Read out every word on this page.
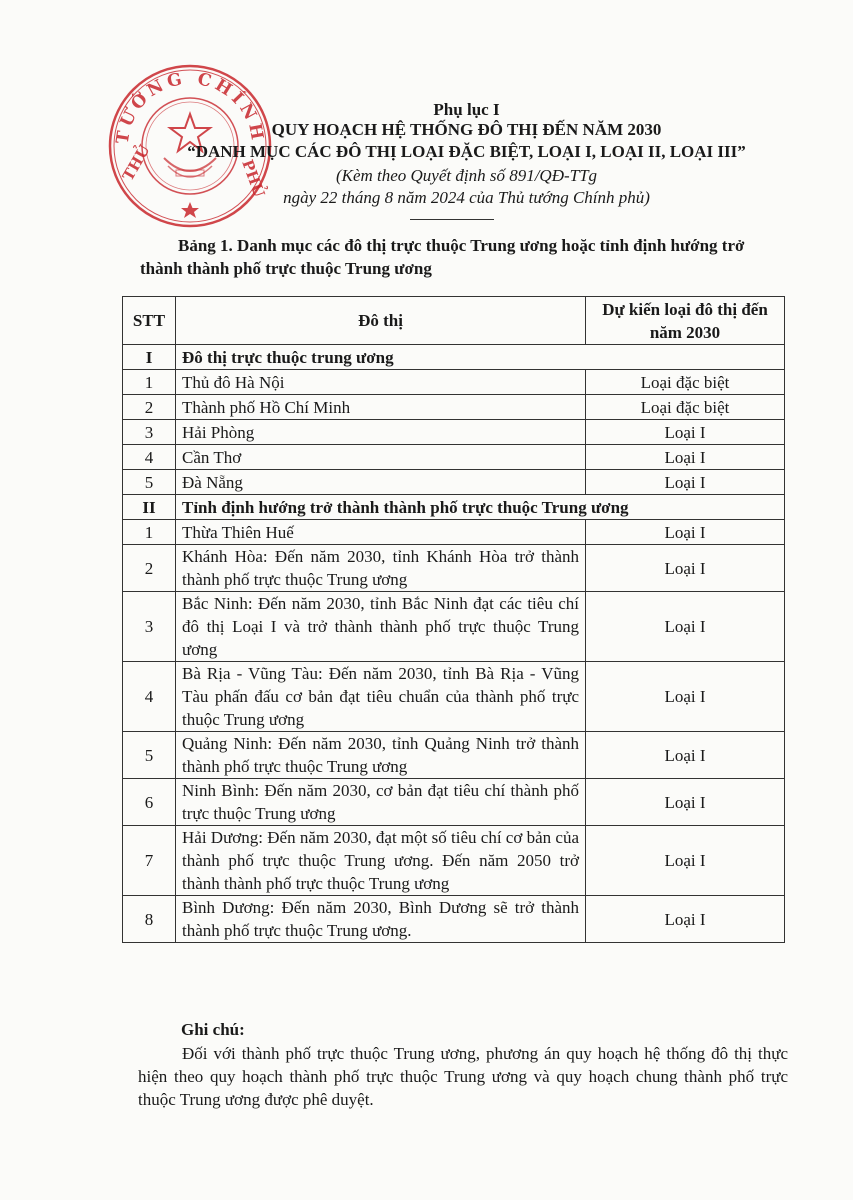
TƯỚNG CHÍNH
THỦ	PHỦ
Phụ lục I
QUY HOẠCH HỆ THỐNG ĐÔ THỊ ĐẾN NĂM 2030
“DANH MỤC CÁC ĐÔ THỊ LOẠI ĐẶC BIỆT, LOẠI I, LOẠI II, LOẠI III”
(Kèm theo Quyết định số 891/QĐ-TTg
ngày 22 tháng 8 năm 2024 của Thủ tướng Chính phủ)
Bảng 1. Danh mục các đô thị trực thuộc Trung ương hoặc tỉnh định hướng trở thành thành phố trực thuộc Trung ương
STT	Đô thị	Dự kiến loại đô thị đến năm 2030
I	Đô thị trực thuộc trung ương	
1	Thủ đô Hà Nội	Loại đặc biệt
2	Thành phố Hồ Chí Minh	Loại đặc biệt
3	Hải Phòng	Loại I
4	Cần Thơ	Loại I
5	Đà Nẵng	Loại I
II	Tỉnh định hướng trở thành thành phố trực thuộc Trung ương	
1	Thừa Thiên Huế	Loại I
2	Khánh Hòa: Đến năm 2030, tỉnh Khánh Hòa trở thành thành phố trực thuộc Trung ương	Loại I
3	Bắc Ninh: Đến năm 2030, tỉnh Bắc Ninh đạt các tiêu chí đô thị Loại I và trở thành thành phố trực thuộc Trung ương	Loại I
4	Bà Rịa - Vũng Tàu: Đến năm 2030, tỉnh Bà Rịa - Vũng Tàu phấn đấu cơ bản đạt tiêu chuẩn của thành phố trực thuộc Trung ương	Loại I
5	Quảng Ninh: Đến năm 2030, tỉnh Quảng Ninh trở thành thành phố trực thuộc Trung ương	Loại I
6	Ninh Bình: Đến năm 2030, cơ bản đạt tiêu chí thành phố trực thuộc Trung ương	Loại I
7	Hải Dương: Đến năm 2030, đạt một số tiêu chí cơ bản của thành phố trực thuộc Trung ương. Đến năm 2050 trở thành thành phố trực thuộc Trung ương	Loại I
8	Bình Dương: Đến năm 2030, Bình Dương sẽ trở thành thành phố trực thuộc Trung ương.	Loại I
Ghi chú:
Đối với thành phố trực thuộc Trung ương, phương án quy hoạch hệ thống đô thị thực hiện theo quy hoạch thành phố trực thuộc Trung ương và quy hoạch chung thành phố trực thuộc Trung ương được phê duyệt.
